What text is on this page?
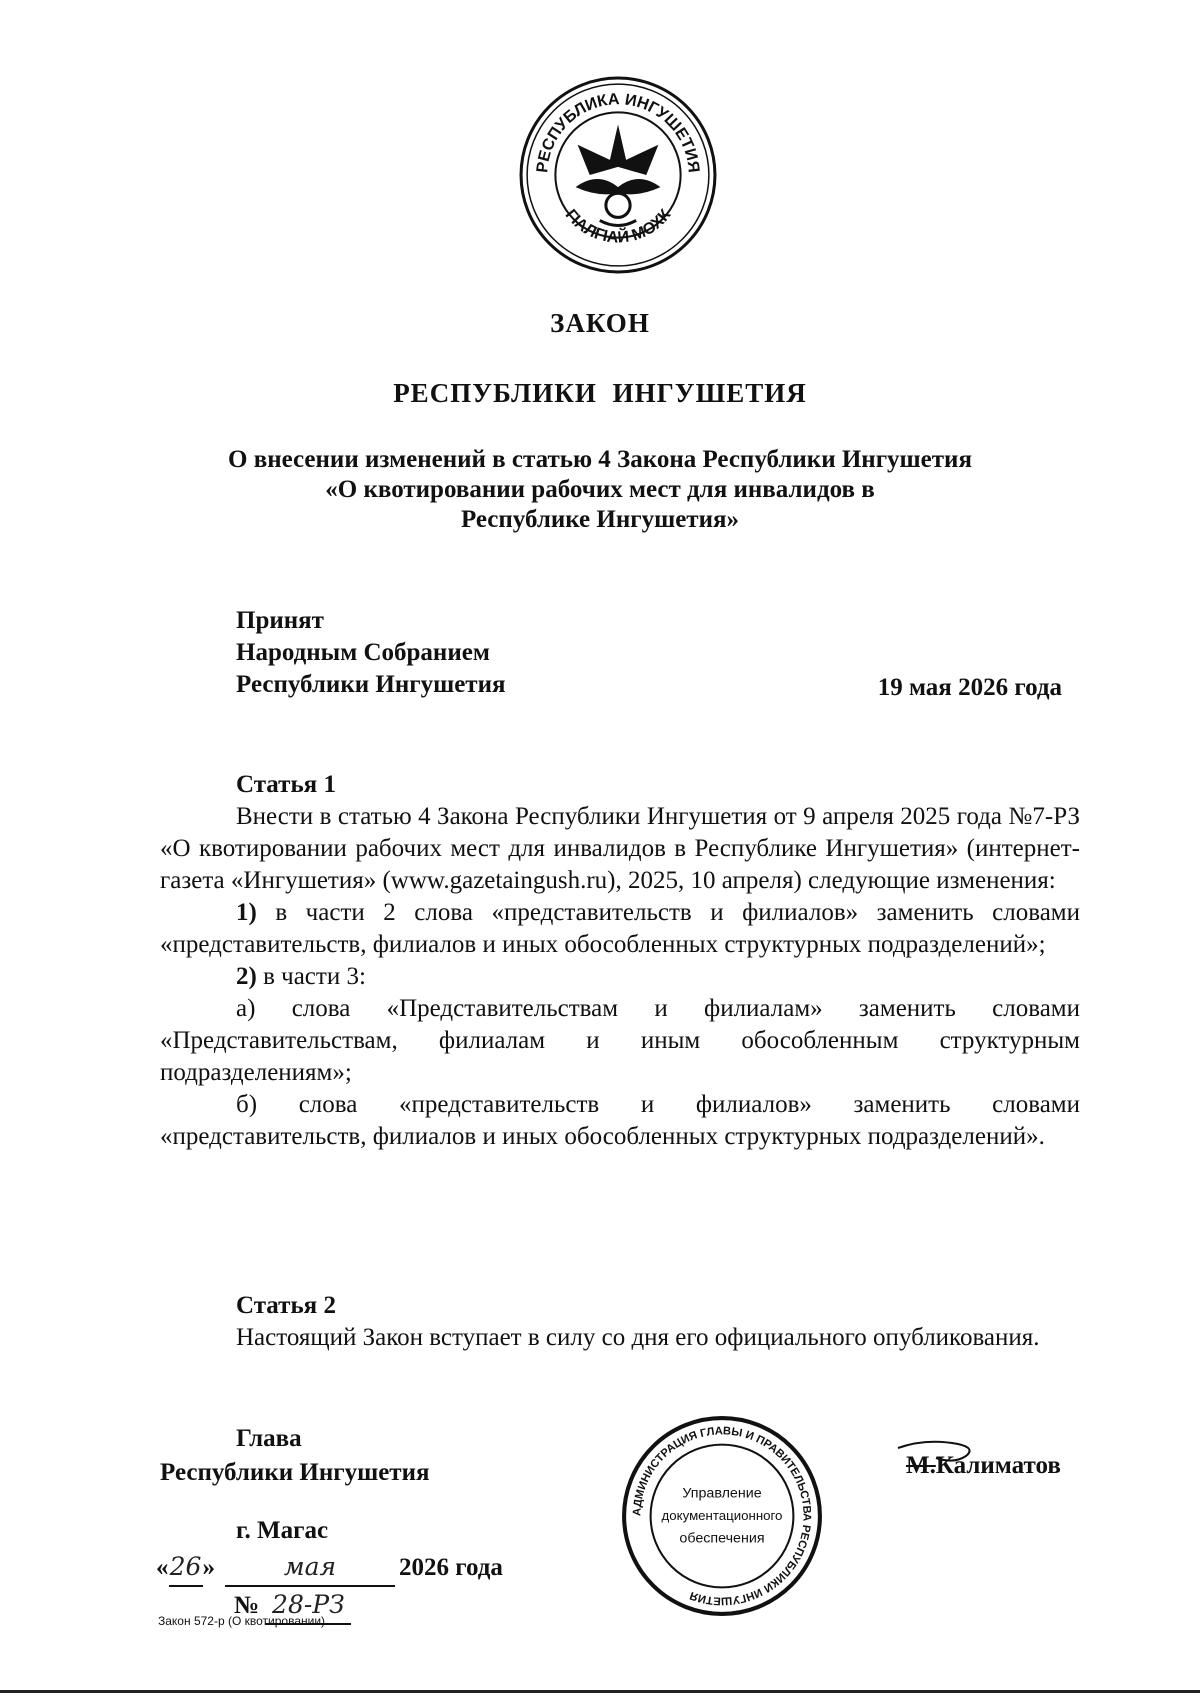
РЕСПУБЛИКА ИНГУШЕТИЯ
ГІАЛГІАЙ МОХК
ЗАКОН
РЕСПУБЛИКИ ИНГУШЕТИЯ
О внесении изменений в статью 4 Закона Республики Ингушетия
«О квотировании рабочих мест для инвалидов в
Республике Ингушетия»
Принят
Народным Собранием
Республики Ингушетия	19 мая 2026 года

Статья 1

Внести в статью 4 Закона Республики Ингушетия от 9 апреля 2025 года №7-РЗ «О квотировании рабочих мест для инвалидов в Республике Ингушетия» (интернет-газета «Ингушетия» (www.gazetaingush.ru), 2025, 10 апреля) следующие изменения:

1) в части 2 слова «представительств и филиалов» заменить словами «представительств, филиалов и иных обособленных структурных подразделений»;

2) в части 3:

а) слова «Представительствам и филиалам» заменить словами «Представительствам, филиалам и иным обособленным структурным подразделениям»;

б) слова «представительств и филиалов» заменить словами «представительств, филиалов и иных обособленных структурных подразделений».

Статья 2

Настоящий Закон вступает в силу со дня его официального опубликования.

Глава
Республики Ингушетия	М.Калиматов
АДМИНИСТРАЦИЯ ГЛАВЫ И ПРАВИТЕЛЬСТВА РЕСПУБЛИКИ ИНГУШЕТИЯ
Управление
документационного
обеспечения
г. Магас
«26»	мая	2026 года
№ 28-РЗ
Закон 572-р (О квотировании)
